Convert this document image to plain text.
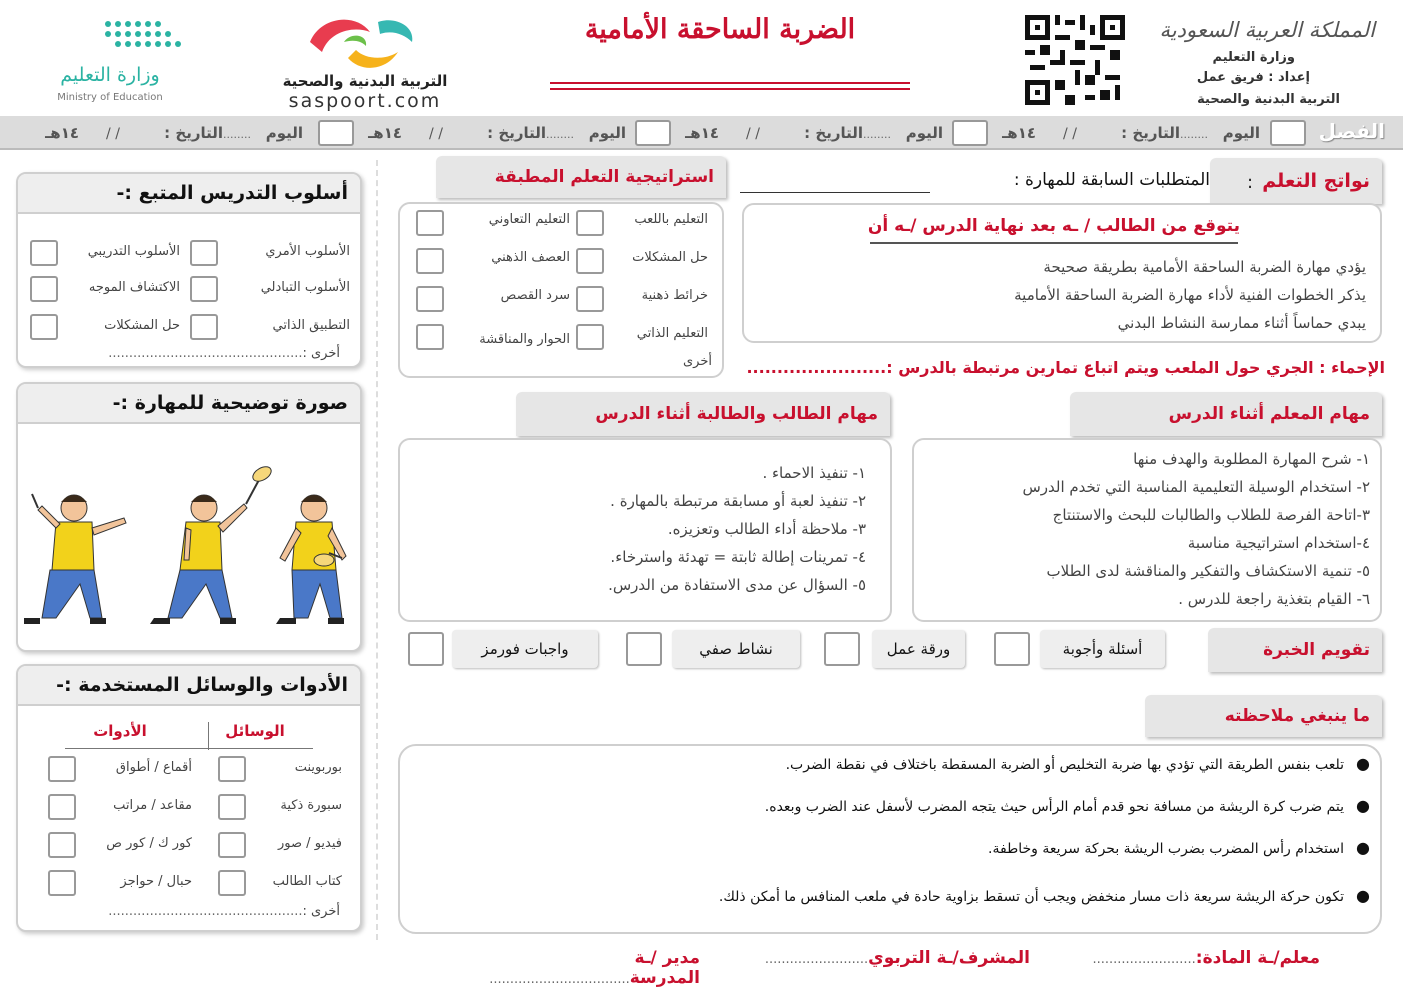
المملكة العربية السعودية
وزارة التعليم
إعداد : فريق عمل
التربية البدنية والصحية
الضربة الساحقة الأمامية
التربية البدنية والصحية
saspoort.com
وزارة التعليم
Ministry of Education
الفصل
اليوم
........
التاريخ :
/ /
١٤هـ
اليوم
........
التاريخ :
/ /
١٤هـ
اليوم
........
التاريخ :
/ /
١٤هـ
اليوم
........
التاريخ :
/ /
١٤هـ
نواتج التعلم
:
المتطلبات السابقة للمهارة :
يتوقع من الطالب / ـه بعد نهاية الدرس /ـه أن
يؤدي مهارة الضربة الساحقة الأمامية بطريقة صحيحة
يذكر الخطوات الفنية لأداء مهارة الضربة الساحقة الأمامية
يبدي حماساً أثناء ممارسة النشاط البدني
استراتيجية التعلم المطبقة
التعليم باللعب
التعليم التعاوني
حل المشكلات
العصف الذهني
خرائط ذهنية
سرد القصص
التعليم الذاتي
الحوار والمناقشة
أخرى	الإحماء : الجري حول الملعب ويتم اتباع تمارين مرتبطة بالدرس :.......................
مهام المعلم أثناء الدرس
١- شرح المهارة المطلوبة والهدف منها
٢- استخدام الوسيلة التعليمية المناسبة التي تخدم الدرس
٣-اتاحة الفرصة للطلاب والطالبات للبحث والاستنتاج
٤-استخدام استراتيجية مناسبة
٥- تنمية الاستكشاف والتفكير والمناقشة لدى الطلاب
٦- القيام بتغذية راجعة للدرس .
مهام الطالب والطالبة أثناء الدرس
١- تنفيذ الاحماء .
٢- تنفيذ لعبة أو مسابقة مرتبطة بالمهارة .
٣- ملاحظة أداء الطالب وتعزيزه.
٤- تمرينات إطالة ثابتة = تهدئة واسترخاء.
٥- السؤال عن مدى الاستفادة من الدرس.
تقويم الخبرة
أسئلة وأجوبة
ورقة عمل
نشاط صفي
واجبات فورمز
ما ينبغي ملاحظته
●تلعب بنفس الطريقة التي تؤدي بها ضربة التخليص أو الضربة المسقطة باختلاف في نقطة الضرب.
●يتم ضرب كرة الريشة من مسافة نحو قدم أمام الرأس حيث يتجه المضرب لأسفل عند الضرب وبعده.
●استخدام رأس المضرب بضرب الريشة بحركة سريعة وخاطفة.
●تكون حركة الريشة سريعة ذات مسار منخفض ويجب أن تسقط بزاوية حادة في ملعب المنافس ما أمكن ذلك.
معلم/ـة المادة:.........................
المشرف/ـة التربوي.........................
مدير /ـة المدرسة..................................
أسلوب التدريس المتبع :-
الأسلوب الأمري
الأسلوب التدريبي
الأسلوب التبادلي
الاكتشاف الموجه
التطبيق الذاتي
حل المشكلات
أخرى :...............................................
صورة توضيحية للمهارة :-
الأدوات والوسائل المستخدمة :-
الوسائل
الأدوات
بوربوينت
أقماع / أطواق
سبورة ذكية
مقاعد / مراتب
فيديو / صور
كور ك / كور ص
كتاب الطالب
حبال / حواجز
أخرى :...............................................
